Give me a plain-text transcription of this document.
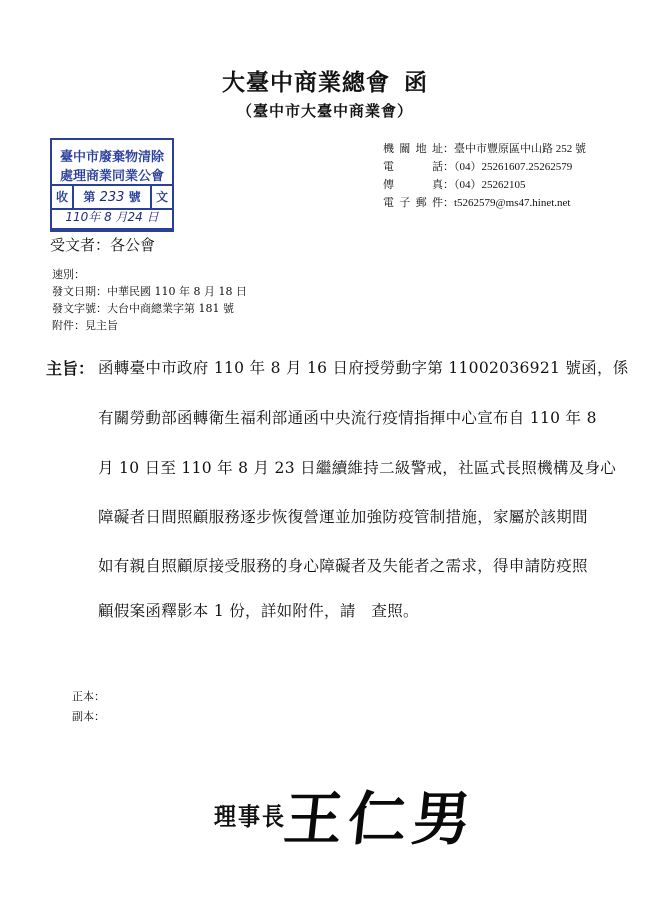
大臺中商業總會 函
（臺中市大臺中商業會）
臺中市廢棄物清除
處理商業同業公會
收	第 233 號	文
110年 8 月24 日
機關地址：臺中市豐原區中山路 252 號
電 話：（04）25261607.25262579
傳 真：（04）25262105
電子郵件：t5262579@ms47.hinet.net
受文者：各公會
速別：
發文日期：中華民國 110 年 8 月 18 日
發文字號：大台中商總業字第 181 號
附件：見主旨
主旨： 函轉臺中市政府 110 年 8 月 16 日府授勞動字第 11002036921 號函，係
有關勞動部函轉衛生福利部通函中央流行疫情指揮中心宣布自 110 年 8
月 10 日至 110 年 8 月 23 日繼續維持二級警戒，社區式長照機構及身心
障礙者日間照顧服務逐步恢復營運並加強防疫管制措施，家屬於該期間
如有親自照顧原接受服務的身心障礙者及失能者之需求，得申請防疫照
顧假案函釋影本 1 份，詳如附件，請　查照。
正本：
副本：
理事長
王仁男
